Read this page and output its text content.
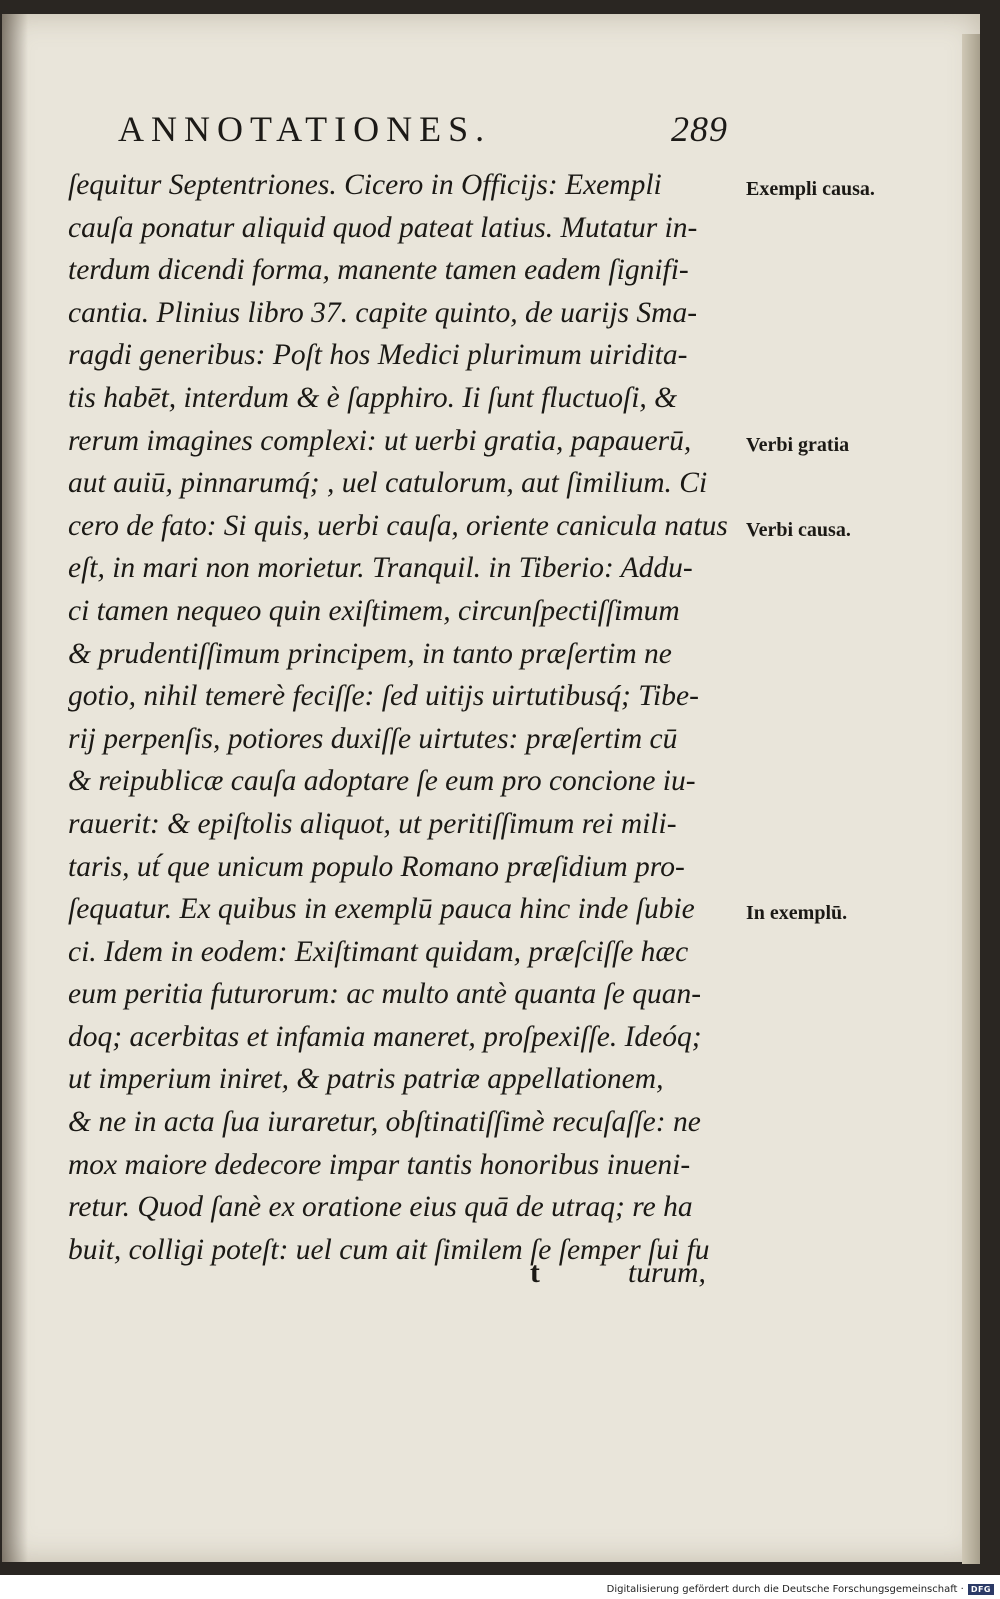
ANNOTATIONES.	289
ſequitur Septentriones. Cicero in Officijs: Exempli
cauſa ponatur aliquid quod pateat latius. Mutatur in-
terdum dicendi forma, manente tamen eadem ſignifi-
cantia. Plinius libro 37. capite quinto, de uarijs Sma-
ragdi generibus: Poſt hos Medici plurimum uiridita-
tis habēt, interdum & è ſapphiro. Ii ſunt fluctuoſi, &
rerum imagines complexi: ut uerbi gratia, papauerū,
aut auiū, pinnarumq́; , uel catulorum, aut ſimilium. Ci
cero de fato: Si quis, uerbi cauſa, oriente canicula natus
eſt, in mari non morietur. Tranquil. in Tiberio: Addu-
ci tamen nequeo quin exiſtimem, circunſpectiſſimum
& prudentiſſimum principem, in tanto præſertim ne
gotio, nihil temerè feciſſe: ſed uitijs uirtutibusq́; Tibe-
rij perpenſis, potiores duxiſſe uirtutes: præſertim cū
& reipublicæ cauſa adoptare ſe eum pro concione iu-
rauerit: & epiſtolis aliquot, ut peritiſſimum rei mili-
taris, ut́ que unicum populo Romano præſidium pro-
ſequatur. Ex quibus in exemplū pauca hinc inde ſubie
ci. Idem in eodem: Exiſtimant quidam, præſciſſe hæc
eum peritia futurorum: ac multo antè quanta ſe quan-
doq; acerbitas et infamia maneret, proſpexiſſe. Ideóq;
ut imperium iniret, & patris patriæ appellationem,
& ne in acta ſua iuraretur, obſtinatiſſimè recuſaſſe: ne
mox maiore dedecore impar tantis honoribus inueni-
retur. Quod ſanè ex oratione eius quā de utraq; re ha
buit, colligi poteſt: uel cum ait ſimilem ſe ſemper ſui fu
t	turum,
Exempli causa.
Verbi gratia
Verbi causa.
In exemplū.
Digitalisierung gefördert durch die Deutsche Forschungsgemeinschaft · DFG
